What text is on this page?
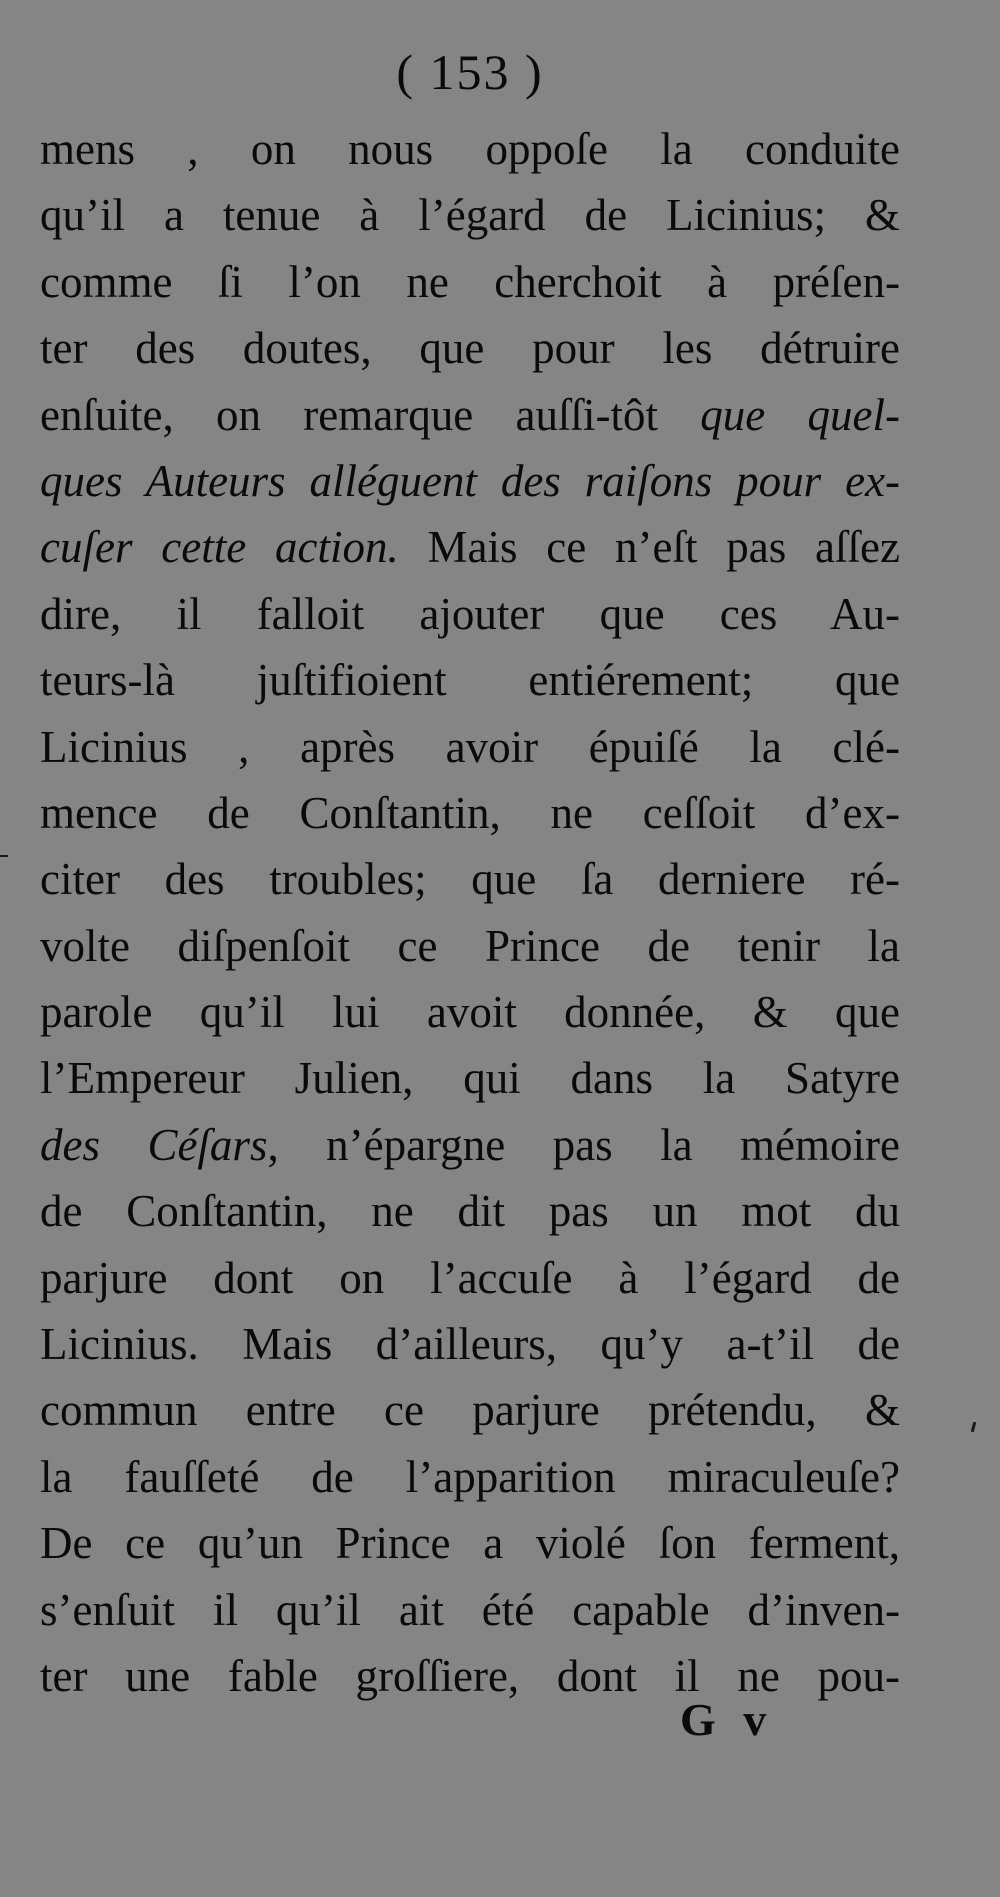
( 153 )
mens , on nous oppoſe la conduite
qu’il a tenue à l’égard de Licinius; &
comme ſi l’on ne cherchoit à préſen-
ter des doutes, que pour les détruire
enſuite, on remarque auſſi-tôt que quel-
ques Auteurs alléguent des raiſons pour ex-
cuſer cette action. Mais ce n’eſt pas aſſez
dire, il falloit ajouter que ces Au-
teurs-là juſtifioient entiérement; que
Licinius , après avoir épuiſé la clé-
mence de Conſtantin, ne ceſſoit d’ex-
citer des troubles; que ſa derniere ré-
volte diſpenſoit ce Prince de tenir la
parole qu’il lui avoit donnée, & que
l’Empereur Julien, qui dans la Satyre
des Céſars, n’épargne pas la mémoire
de Conſtantin, ne dit pas un mot du
parjure dont on l’accuſe à l’égard de
Licinius. Mais d’ailleurs, qu’y a-t’il de
commun entre ce parjure prétendu, &
la fauſſeté de l’apparition miraculeuſe?
De ce qu’un Prince a violé ſon ferment,
s’enſuit il qu’il ait été capable d’inven-
ter une fable groſſiere, dont il ne pou-
G v
